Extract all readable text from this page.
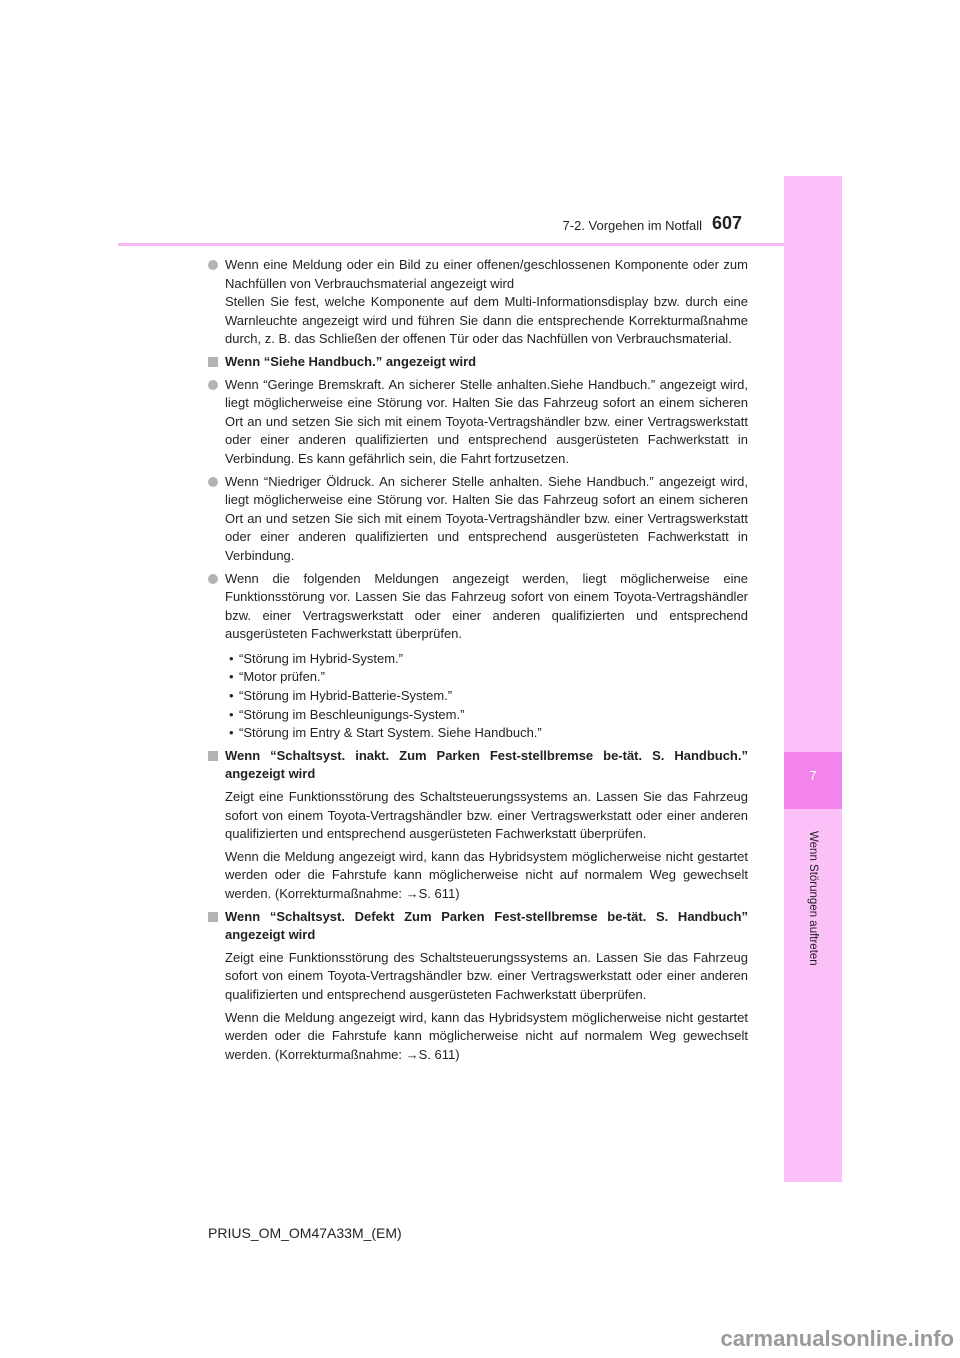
7-2. Vorgehen im Notfall 607
7
Wenn Störungen auftreten

Wenn eine Meldung oder ein Bild zu einer offenen/geschlossenen Komponente oder zum Nachfüllen von Verbrauchsmaterial angezeigt wird

Stellen Sie fest, welche Komponente auf dem Multi-Informationsdisplay bzw. durch eine Warnleuchte angezeigt wird und führen Sie dann die entsprechende Korrekturmaßnahme durch, z. B. das Schließen der offenen Tür oder das Nachfüllen von Verbrauchsmaterial.

Wenn “Siehe Handbuch.” angezeigt wird

Wenn “Geringe Bremskraft. An sicherer Stelle anhalten.Siehe Handbuch.” angezeigt wird, liegt möglicherweise eine Störung vor. Halten Sie das Fahrzeug sofort an einem sicheren Ort an und setzen Sie sich mit einem Toyota-Vertragshändler bzw. einer Vertragswerkstatt oder einer anderen qualifizierten und entsprechend ausgerüsteten Fachwerkstatt in Verbindung. Es kann gefährlich sein, die Fahrt fortzusetzen.

Wenn “Niedriger Öldruck. An sicherer Stelle anhalten. Siehe Handbuch.” angezeigt wird, liegt möglicherweise eine Störung vor. Halten Sie das Fahrzeug sofort an einem sicheren Ort an und setzen Sie sich mit einem Toyota-Vertragshändler bzw. einer Vertragswerkstatt oder einer anderen qualifizierten und entsprechend ausgerüsteten Fachwerkstatt in Verbindung.

Wenn die folgenden Meldungen angezeigt werden, liegt möglicherweise eine Funktionsstörung vor. Lassen Sie das Fahrzeug sofort von einem Toyota-Vertragshändler bzw. einer Vertragswerkstatt oder einer anderen qualifizierten und entsprechend ausgerüsteten Fachwerkstatt überprüfen.

• “Störung im Hybrid-System.”
• “Motor prüfen.”
• “Störung im Hybrid-Batterie-System.”
• “Störung im Beschleunigungs-System.”
• “Störung im Entry & Start System. Siehe Handbuch.”
Wenn “Schaltsyst. inakt. Zum Parken Fest-stellbremse be-tät. S. Handbuch.” angezeigt wird

Zeigt eine Funktionsstörung des Schaltsteuerungssystems an. Lassen Sie das Fahrzeug sofort von einem Toyota-Vertragshändler bzw. einer Vertragswerkstatt oder einer anderen qualifizierten und entsprechend ausgerüsteten Fachwerkstatt überprüfen.

Wenn die Meldung angezeigt wird, kann das Hybridsystem möglicherweise nicht gestartet werden oder die Fahrstufe kann möglicherweise nicht auf normalem Weg gewechselt werden. (Korrekturmaßnahme: →S. 611)

Wenn “Schaltsyst. Defekt Zum Parken Fest-stellbremse be-tät. S. Handbuch” angezeigt wird

Zeigt eine Funktionsstörung des Schaltsteuerungssystems an. Lassen Sie das Fahrzeug sofort von einem Toyota-Vertragshändler bzw. einer Vertragswerkstatt oder einer anderen qualifizierten und entsprechend ausgerüsteten Fachwerkstatt überprüfen.

Wenn die Meldung angezeigt wird, kann das Hybridsystem möglicherweise nicht gestartet werden oder die Fahrstufe kann möglicherweise nicht auf normalem Weg gewechselt werden. (Korrekturmaßnahme: →S. 611)

PRIUS_OM_OM47A33M_(EM)
carmanualsonline.info
